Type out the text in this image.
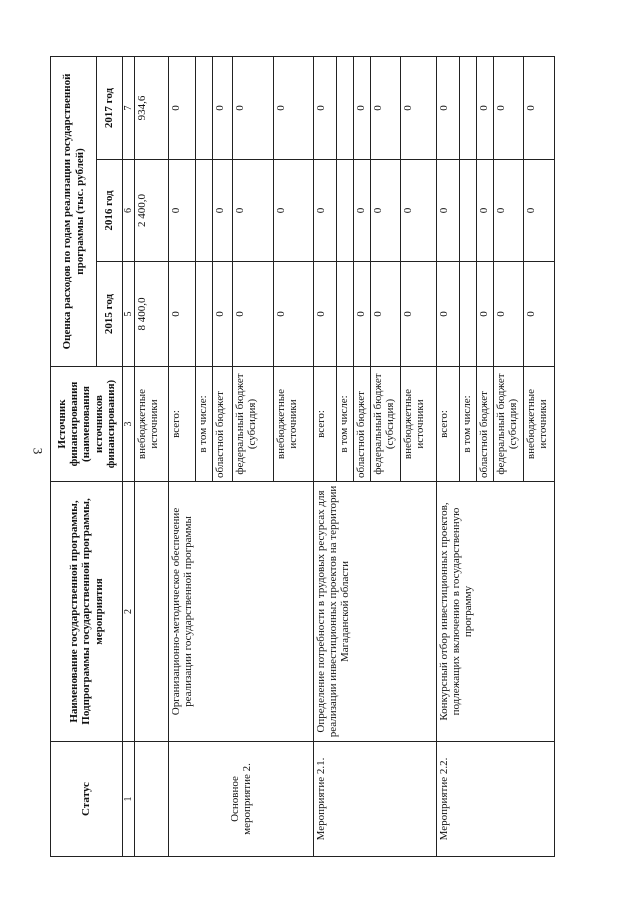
3
Статус	Наименование государственной программы, Подпрограммы государственной программы, мероприятия	Источник финансирования (наименования источников финансирования)	Оценка расходов по годам реализации государственной программы (тыс. рублей)		
			2015 год	2016 год	2017 год
1	2	3	5	6	7
		внебюджетные источники	8 400,0	2 400,0	934,6
Основное мероприятие 2.	Организационно-методическое обеспечение реализации государственной программы	всего:	0	0	0
		в том числе:			
		областной бюджет	0	0	0
		федеральный бюджет (субсидия)	0	0	0
		внебюджетные источники	0	0	0
Мероприятие 2.1.	Определение потребности в трудовых ресурсах для реализации инвестиционных проектов на территории Магаданской области	всего:	0	0	0
		в том числе:			
		областной бюджет	0	0	0
		федеральный бюджет (субсидия)	0	0	0
		внебюджетные источники	0	0	0
Мероприятие 2.2.	Конкурсный отбор инвестиционных проектов, подлежащих включению в государственную программу	всего:	0	0	0
		в том числе:			
		областной бюджет	0	0	0
		федеральный бюджет (субсидия)	0	0	0
		внебюджетные источники	0	0	0
